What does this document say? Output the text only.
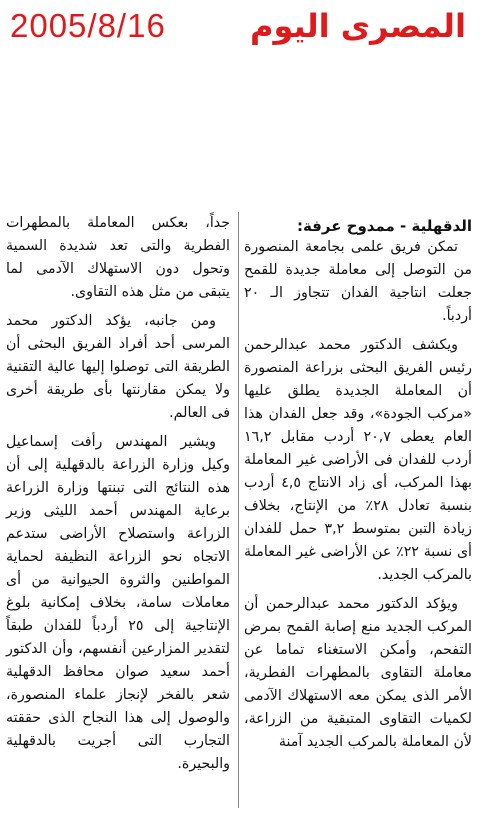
المصرى اليوم
2005/8/16
الدقهلية - ممدوح عرفة:

تمكن فريق علمى بجامعة المنصورة من التوصل إلى معاملة جديدة للقمح جعلت انتاجية الفدان تتجاوز الـ ٢٠ أردباً.

ويكشف الدكتور محمد عبدالرحمن رئيس الفريق البحثى بزراعة المنصورة أن المعاملة الجديدة يطلق عليها «مركب الجودة»، وقد جعل الفدان هذا العام يعطى ٢٠,٧ أردب مقابل ١٦,٢ أردب للفدان فى الأراضى غير المعاملة بهذا المركب، أى زاد الانتاج ٤,٥ أردب بنسبة تعادل ٢٨٪ من الإنتاج، بخلاف زيادة التبن بمتوسط ٣,٢ حمل للفدان أى نسبة ٢٢٪ عن الأراضى غير المعاملة بالمركب الجديد.

ويؤكد الدكتور محمد عبدالرحمن أن المركب الجديد منع إصابة القمح بمرض التفحم، وأمكن الاستغناء تماما عن معاملة التقاوى بالمطهرات الفطرية، الأمر الذى يمكن معه الاستهلاك الآدمى لكميات التقاوى المتبقية من الزراعة، لأن المعاملة بالمركب الجديد آمنة

جداً، بعكس المعاملة بالمطهرات الفطرية والتى تعد شديدة السمية وتحول دون الاستهلاك الآدمى لما يتبقى من مثل هذه التقاوى.

ومن جانبه، يؤكد الدكتور محمد المرسى أحد أفراد الفريق البحثى أن الطريقة التى توصلوا إليها عالية التقنية ولا يمكن مقارنتها بأى طريقة أخرى فى العالم.

ويشير المهندس رأفت إسماعيل وكيل وزارة الزراعة بالدقهلية إلى أن هذه النتائج التى تبنتها وزارة الزراعة برعاية المهندس أحمد الليثى وزير الزراعة واستصلاح الأراضى ستدعم الاتجاه نحو الزراعة النظيفة لحماية المواطنين والثروة الحيوانية من أى معاملات سامة، بخلاف إمكانية بلوغ الإنتاجية إلى ٢٥ أردباً للفدان طبقاً لتقدير المزارعين أنفسهم، وأن الدكتور أحمد سعيد صوان محافظ الدقهلية شعر بالفخر لإنجاز علماء المنصورة، والوصول إلى هذا النجاح الذى حققته التجارب التى أجريت بالدقهلية والبحيرة.
